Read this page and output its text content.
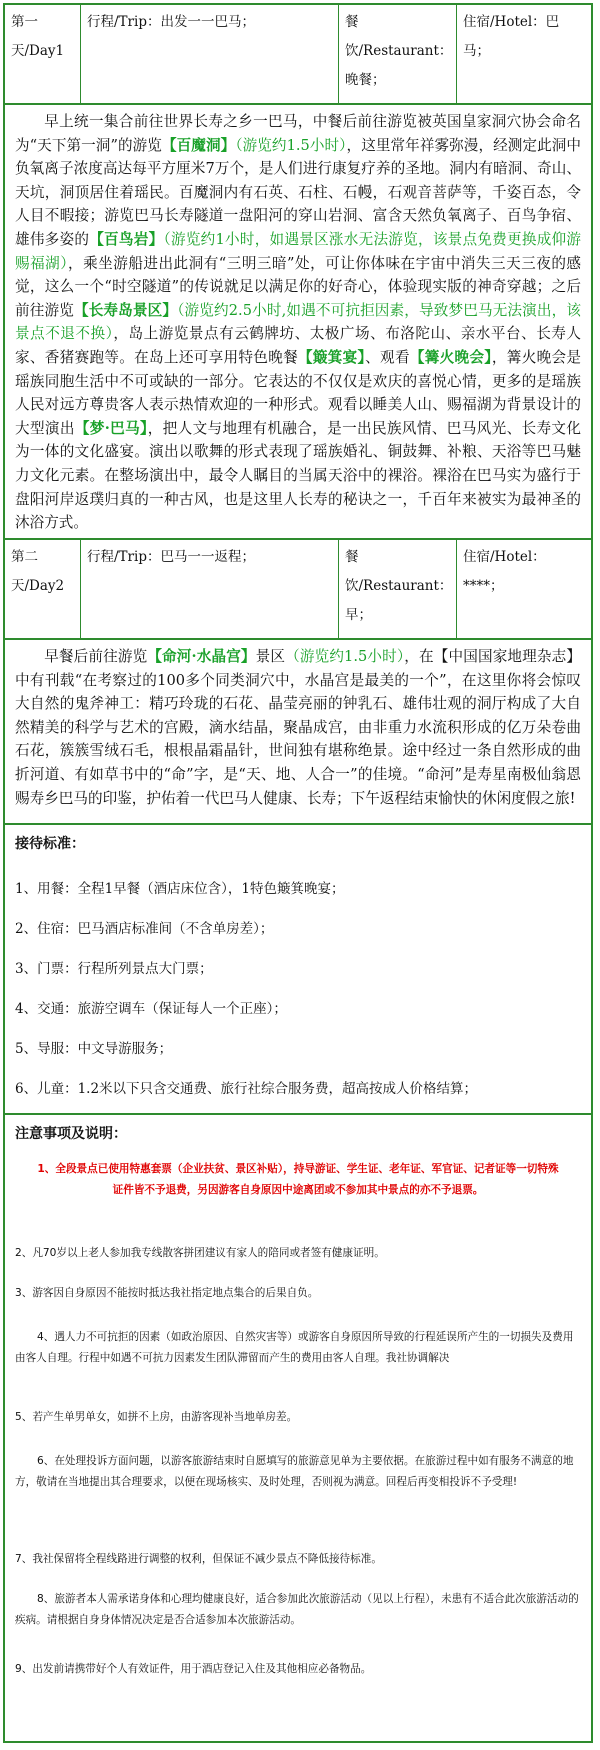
第一天/Day1
行程/Trip：出发一一巴马；	餐饮/Restaurant：晚餐；
住宿/Hotel：巴马；

早上统一集合前往世界长寿之乡一巴马，中餐后前往游览被英国皇家洞穴协会命名为“天下第一洞”的游览【百魔洞】（游览约1.5小时），这里常年祥雾弥漫，经测定此洞中负氧离子浓度高达每平方厘米7万个，是人们进行康复疗养的圣地。洞内有暗洞、奇山、天坑，洞顶居住着瑶民。百魔洞内有石英、石柱、石幔，石观音菩萨等，千姿百态，令人目不暇接；游览巴马长寿隧道一盘阳河的穿山岩洞、富含天然负氧离子、百鸟争宿、雄伟多姿的【百鸟岩】（游览约1小时，如遇景区涨水无法游览，该景点免费更换成仰游赐福湖），乘坐游船进出此洞有“三明三暗”处，可让你体味在宇宙中消失三天三夜的感觉，这么一个“时空隧道”的传说就足以满足你的好奇心，体验现实版的神奇穿越；之后前往游览【长寿岛景区】（游览约2.5小时,如遇不可抗拒因素，导致梦巴马无法演出，该景点不退不换），岛上游览景点有云鹤牌坊、太极广场、布洛陀山、亲水平台、长寿人家、香猪赛跑等。在岛上还可享用特色晚餐【簸箕宴】、观看【篝火晚会】，篝火晚会是瑶族同胞生活中不可或缺的一部分。它表达的不仅仅是欢庆的喜悦心情，更多的是瑶族人民对远方尊贵客人表示热情欢迎的一种形式。观看以睡美人山、赐福湖为背景设计的大型演出【梦·巴马】，把人文与地理有机融合，是一出民族风情、巴马风光、长寿文化为一体的文化盛宴。演出以歌舞的形式表现了瑶族婚礼、铜鼓舞、补粮、天浴等巴马魅力文化元素。在整场演出中，最令人瞩目的当属天浴中的裸浴。裸浴在巴马实为盛行于盘阳河岸返璞归真的一种古风，也是这里人长寿的秘诀之一，千百年来被实为最神圣的沐浴方式。

第二天/Day2
行程/Trip：巴马一一返程；	餐饮/Restaurant：早；
住宿/Hotel：****；

早餐后前往游览【命河·水晶宫】景区（游览约1.5小时），在【中国国家地理杂志】中有刊载“在考察过的100多个同类洞穴中，水晶宫是最美的一个”，在这里你将会惊叹大自然的鬼斧神工：精巧玲珑的石花、晶莹亮丽的钟乳石、雄伟壮观的洞厅构成了大自然精美的科学与艺术的宫殿，滴水结晶，聚晶成宫，由非重力水流积形成的亿万朵卷曲石花，簇簇雪绒石毛，根根晶霜晶针，世间独有堪称绝景。途中经过一条自然形成的曲折河道、有如草书中的“命”字，是“天、地、人合一”的佳境。“命河”是寿星南极仙翁恩赐寿乡巴马的印鉴，护佑着一代巴马人健康、长寿；下午返程结束愉快的休闲度假之旅!

接待标准：
1、用餐：全程1早餐（酒店床位含），1特色簸箕晚宴；
2、住宿：巴马酒店标准间（不含单房差）；
3、门票：行程所列景点大门票；
4、交通：旅游空调车（保证每人一个正座）；
5、导服：中文导游服务；
6、儿童：1.2米以下只含交通费、旅行社综合服务费，超高按成人价格结算；
注意事项及说明：
1、全段景点已使用特惠套票（企业扶贫、景区补贴），持导游证、学生证、老年证、军官证、记者证等一切特殊证件皆不予退费，另因游客自身原因中途离团或不参加其中景点的亦不予退票。
2、凡70岁以上老人参加我专线散客拼团建议有家人的陪同或者签有健康证明。
3、游客因自身原因不能按时抵达我社指定地点集合的后果自负。
4、遇人力不可抗拒的因素（如政治原因、自然灾害等）或游客自身原因所导致的行程延误所产生的一切损失及费用由客人自理。行程中如遇不可抗力因素发生团队滞留而产生的费用由客人自理。我社协调解决
5、若产生单男单女，如拼不上房，由游客现补当地单房差。
6、在处理投诉方面问题，以游客旅游结束时自愿填写的旅游意见单为主要依据。在旅游过程中如有服务不满意的地方，敬请在当地提出其合理要求，以便在现场核实、及时处理，否则视为满意。回程后再变相投诉不予受理!
7、我社保留将全程线路进行调整的权利，但保证不减少景点不降低接待标准。
8、旅游者本人需承诺身体和心理均健康良好，适合参加此次旅游活动（见以上行程），未患有不适合此次旅游活动的疾病。请根据自身身体情况决定是否合适参加本次旅游活动。
9、出发前请携带好个人有效证件，用于酒店登记入住及其他相应必备物品。
